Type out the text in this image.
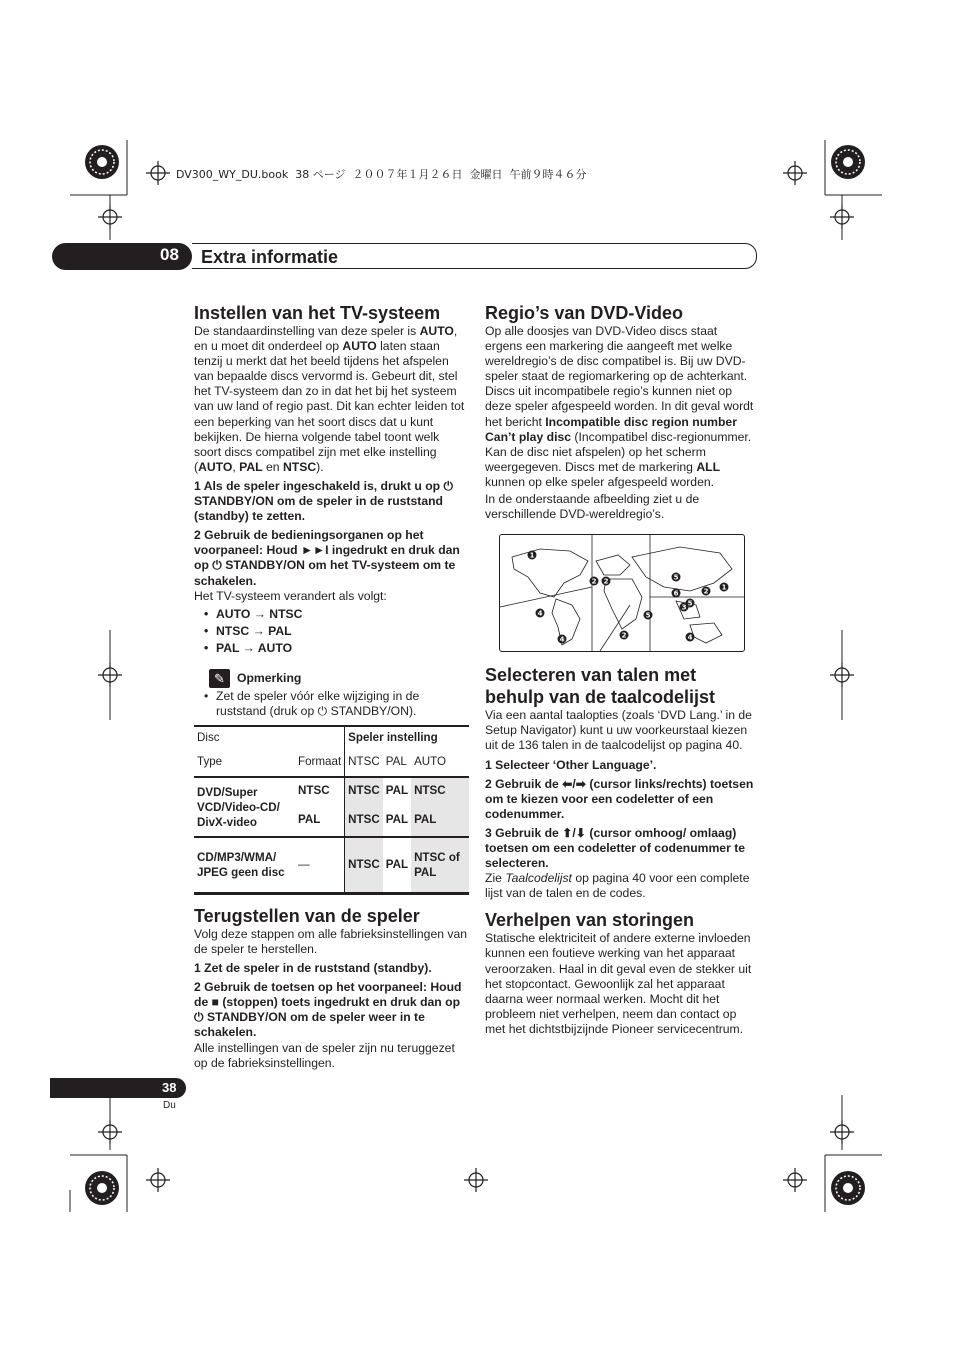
DV300_WY_DU.book  38 ページ  ２００７年１月２６日  金曜日  午前９時４６分
08 Extra informatie
Instellen van het TV-systeem

De standaardinstelling van deze speler is AUTO, en u moet dit onderdeel op AUTO laten staan tenzij u merkt dat het beeld tijdens het afspelen van bepaalde discs vervormd is. Gebeurt dit, stel het TV-systeem dan zo in dat het bij het systeem van uw land of regio past. Dit kan echter leiden tot een beperking van het soort discs dat u kunt bekijken. De hierna volgende tabel toont welk soort discs compatibel zijn met elke instelling (AUTO, PAL en NTSC).

1 Als de speler ingeschakeld is, drukt u op ⏻ STANDBY/ON om de speler in de ruststand (standby) te zetten.

2 Gebruik de bedieningsorganen op het voorpaneel: Houd ►►I ingedrukt en druk dan op ⏻ STANDBY/ON om het TV-systeem om te schakelen.

Het TV-systeem verandert als volgt:

• AUTO → NTSC
• NTSC → PAL
• PAL → AUTO
✎ Opmerking

• Zet de speler vóór elke wijziging in de ruststand (druk op ⏻ STANDBY/ON).

Disc		Speler instelling		
Type	Formaat	NTSC	PAL	AUTO
DVD/Super VCD/Video-CD/ DivX-video	NTSC	NTSC	PAL	NTSC
	PAL	NTSC	PAL	PAL
CD/MP3/WMA/ JPEG geen disc	—	NTSC	PAL	NTSC of PAL
Terugstellen van de speler

Volg deze stappen om alle fabrieksinstellingen van de speler te herstellen.

1 Zet de speler in de ruststand (standby).

2 Gebruik de toetsen op het voorpaneel: Houd de ■ (stoppen) toets ingedrukt en druk dan op ⏻ STANDBY/ON om de speler weer in te schakelen.

Alle instellingen van de speler zijn nu teruggezet op de fabrieksinstellingen.

Regio’s van DVD-Video

Op alle doosjes van DVD-Video discs staat ergens een markering die aangeeft met welke wereldregio’s de disc compatibel is. Bij uw DVD-speler staat de regiomarkering op de achterkant. Discs uit incompatibele regio’s kunnen niet op deze speler afgespeeld worden. In dit geval wordt het bericht Incompatible disc region number Can’t play disc (Incompatibel disc-regionummer. Kan de disc niet afspelen) op het scherm weergegeven. Discs met de markering ALL kunnen op elke speler afgespeeld worden.

In de onderstaande afbeelding ziet u de verschillende DVD-wereldregio’s.

1
2
2
3
4
5
6	2 1
5
4
4
2
5
Selecteren van talen met behulp van de taalcodelijst

Via een aantal taalopties (zoals ‘DVD Lang.’ in de Setup Navigator) kunt u uw voorkeurstaal kiezen uit de 136 talen in de taalcodelijst op pagina 40.

1 Selecteer ‘Other Language’.

2 Gebruik de ⬅/➡ (cursor links/rechts) toetsen om te kiezen voor een codeletter of een codenummer.

3 Gebruik de ⬆/⬇ (cursor omhoog/ omlaag) toetsen om een codeletter of codenummer te selecteren.

Zie Taalcodelijst op pagina 40 voor een complete lijst van de talen en de codes.

Verhelpen van storingen

Statische elektriciteit of andere externe invloeden kunnen een foutieve werking van het apparaat veroorzaken. Haal in dit geval even de stekker uit het stopcontact. Gewoonlijk zal het apparaat daarna weer normaal werken. Mocht dit het probleem niet verhelpen, neem dan contact op met het dichtstbijzijnde Pioneer servicecentrum.

38
Du
